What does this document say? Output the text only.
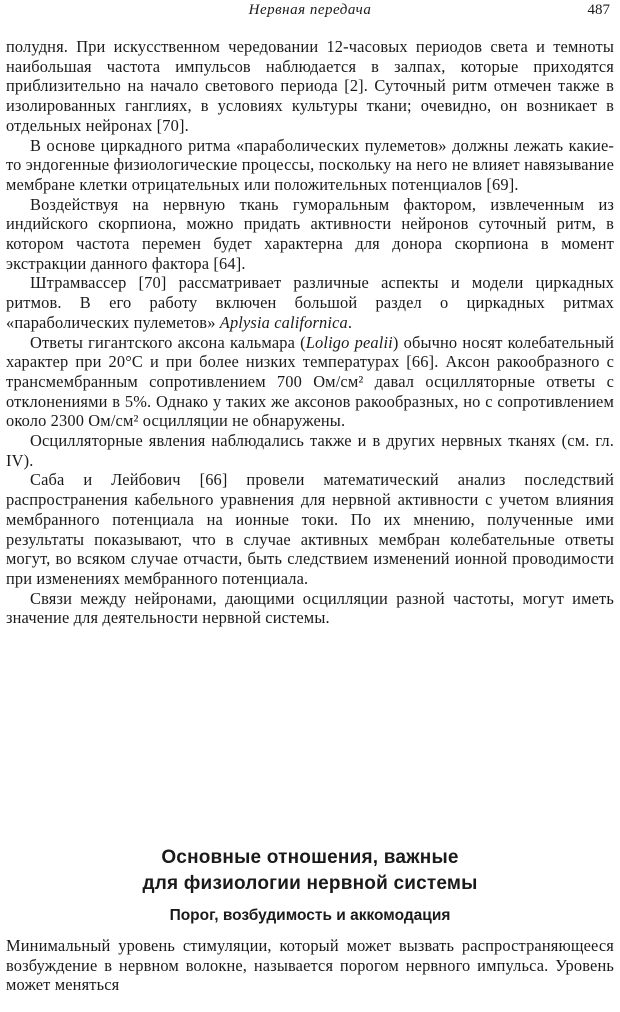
Нервная передача	487

полудня. При искусственном чередовании 12-часовых периодов света и темноты наибольшая частота импульсов наблюдается в залпах, которые приходятся приблизительно на начало светового периода [2]. Суточный ритм отмечен также в изолированных ганглиях, в условиях культуры ткани; очевидно, он возникает в отдельных нейронах [70].

В основе циркадного ритма «параболических пулеметов» должны лежать какие-то эндогенные физиологические процессы, поскольку на него не влияет навязывание мембране клетки отрицательных или положительных потенциалов [69].

Воздействуя на нервную ткань гуморальным фактором, извлеченным из индийского скорпиона, можно придать активности нейронов суточный ритм, в котором частота перемен будет характерна для донора скорпиона в момент экстракции данного фактора [64].

Штрамвассер [70] рассматривает различные аспекты и модели циркадных ритмов. В его работу включен большой раздел о циркадных ритмах «параболических пулеметов» Aplysia californica.

Ответы гигантского аксона кальмара (Loligo pealii) обычно носят колебательный характер при 20°C и при более низких температурах [66]. Аксон ракообразного с трансмембранным сопротивлением 700 Ом/см² давал осцилляторные ответы с отклонениями в 5%. Однако у таких же аксонов ракообразных, но с сопротивлением около 2300 Ом/см² осцилляции не обнаружены.

Осцилляторные явления наблюдались также и в других нервных тканях (см. гл. IV).

Саба и Лейбович [66] провели математический анализ последствий распространения кабельного уравнения для нервной активности с учетом влияния мембранного потенциала на ионные токи. По их мнению, полученные ими результаты показывают, что в случае активных мембран колебательные ответы могут, во всяком случае отчасти, быть следствием изменений ионной проводимости при изменениях мембранного потенциала.

Связи между нейронами, дающими осцилляции разной частоты, могут иметь значение для деятельности нервной системы.

Основные отношения, важные
для физиологии нервной системы
Порог, возбудимость и аккомодация

Минимальный уровень стимуляции, который может вызвать распространяющееся возбуждение в нервном волокне, называется порогом нервного импульса. Уровень может меняться
